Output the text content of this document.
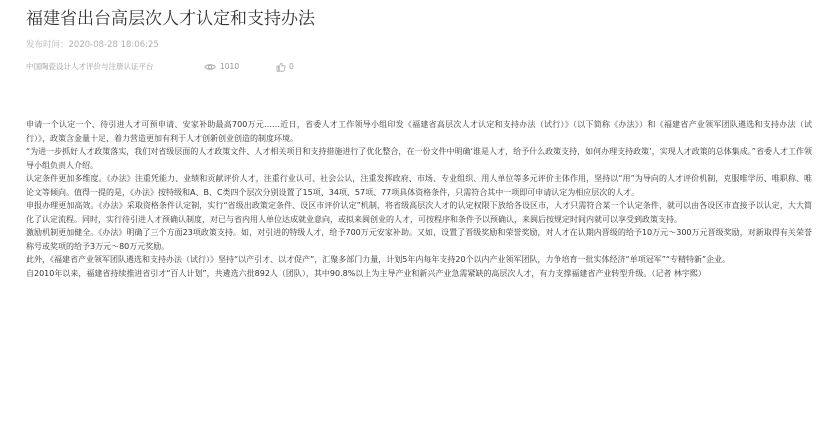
福建省出台高层次人才认定和支持办法
发布时间：2020-08-28 18:06:25
中国陶瓷设计人才评价与注册认证平台	1010	0

申请一个认定一个、待引进人才可预申请、安家补助最高700万元……近日，省委人才工作领导小组印发《福建省高层次人才认定和支持办法（试行）》（以下简称《办法》）和《福建省产业领军团队遴选和支持办法（试行）》，政策含金量十足，着力营造更加有利于人才创新创业创造的制度环境。

“为进一步抓好人才政策落实，我们对省级层面的人才政策文件、人才相关项目和支持措施进行了优化整合，在一份文件中明确‘谁是人才，给予什么政策支持，如何办理支持政策’，实现人才政策的总体集成。”省委人才工作领导小组负责人介绍。

认定条件更加多维度。《办法》注重凭能力、业绩和贡献评价人才，注重行业认可、社会公认，注重发挥政府、市场、专业组织、用人单位等多元评价主体作用，坚持以“用”为导向的人才评价机制，克服唯学历、唯职称、唯论文等倾向。值得一提的是，《办法》按特级和A、B、C类四个层次分别设置了15项、34项、57项、77项具体资格条件，只需符合其中一项即可申请认定为相应层次的人才。

申报办理更加高效。《办法》采取资格条件认定制，实行“省级出政策定条件、设区市评价认定”机制，将省级高层次人才的认定权限下放给各设区市，人才只需符合某一个认定条件，就可以由各设区市直接予以认定，大大简化了认定流程。同时，实行待引进人才预确认制度，对已与省内用人单位达成就业意向，或拟来闽创业的人才，可按程序和条件予以预确认，来闽后按规定时间内就可以享受到政策支持。

激励机制更加健全。《办法》明确了三个方面23项政策支持。如，对引进的特级人才，给予700万元安家补助。又如，设置了晋级奖励和荣誉奖励，对人才在认期内晋级的给予10万元～300万元晋级奖励，对新取得有关荣誉称号或奖项的给予3万元～80万元奖励。

此外，《福建省产业领军团队遴选和支持办法（试行）》坚持“以产引才、以才促产”，汇聚多部门力量，计划5年内每年支持20个以内产业领军团队，力争培育一批实体经济“单项冠军”“专精特新”企业。

自2010年以来，福建省持续推进省引才“百人计划”，共遴选六批892人（团队），其中90.8%以上为主导产业和新兴产业急需紧缺的高层次人才，有力支撑福建省产业转型升级。（记者 林宇熙）
